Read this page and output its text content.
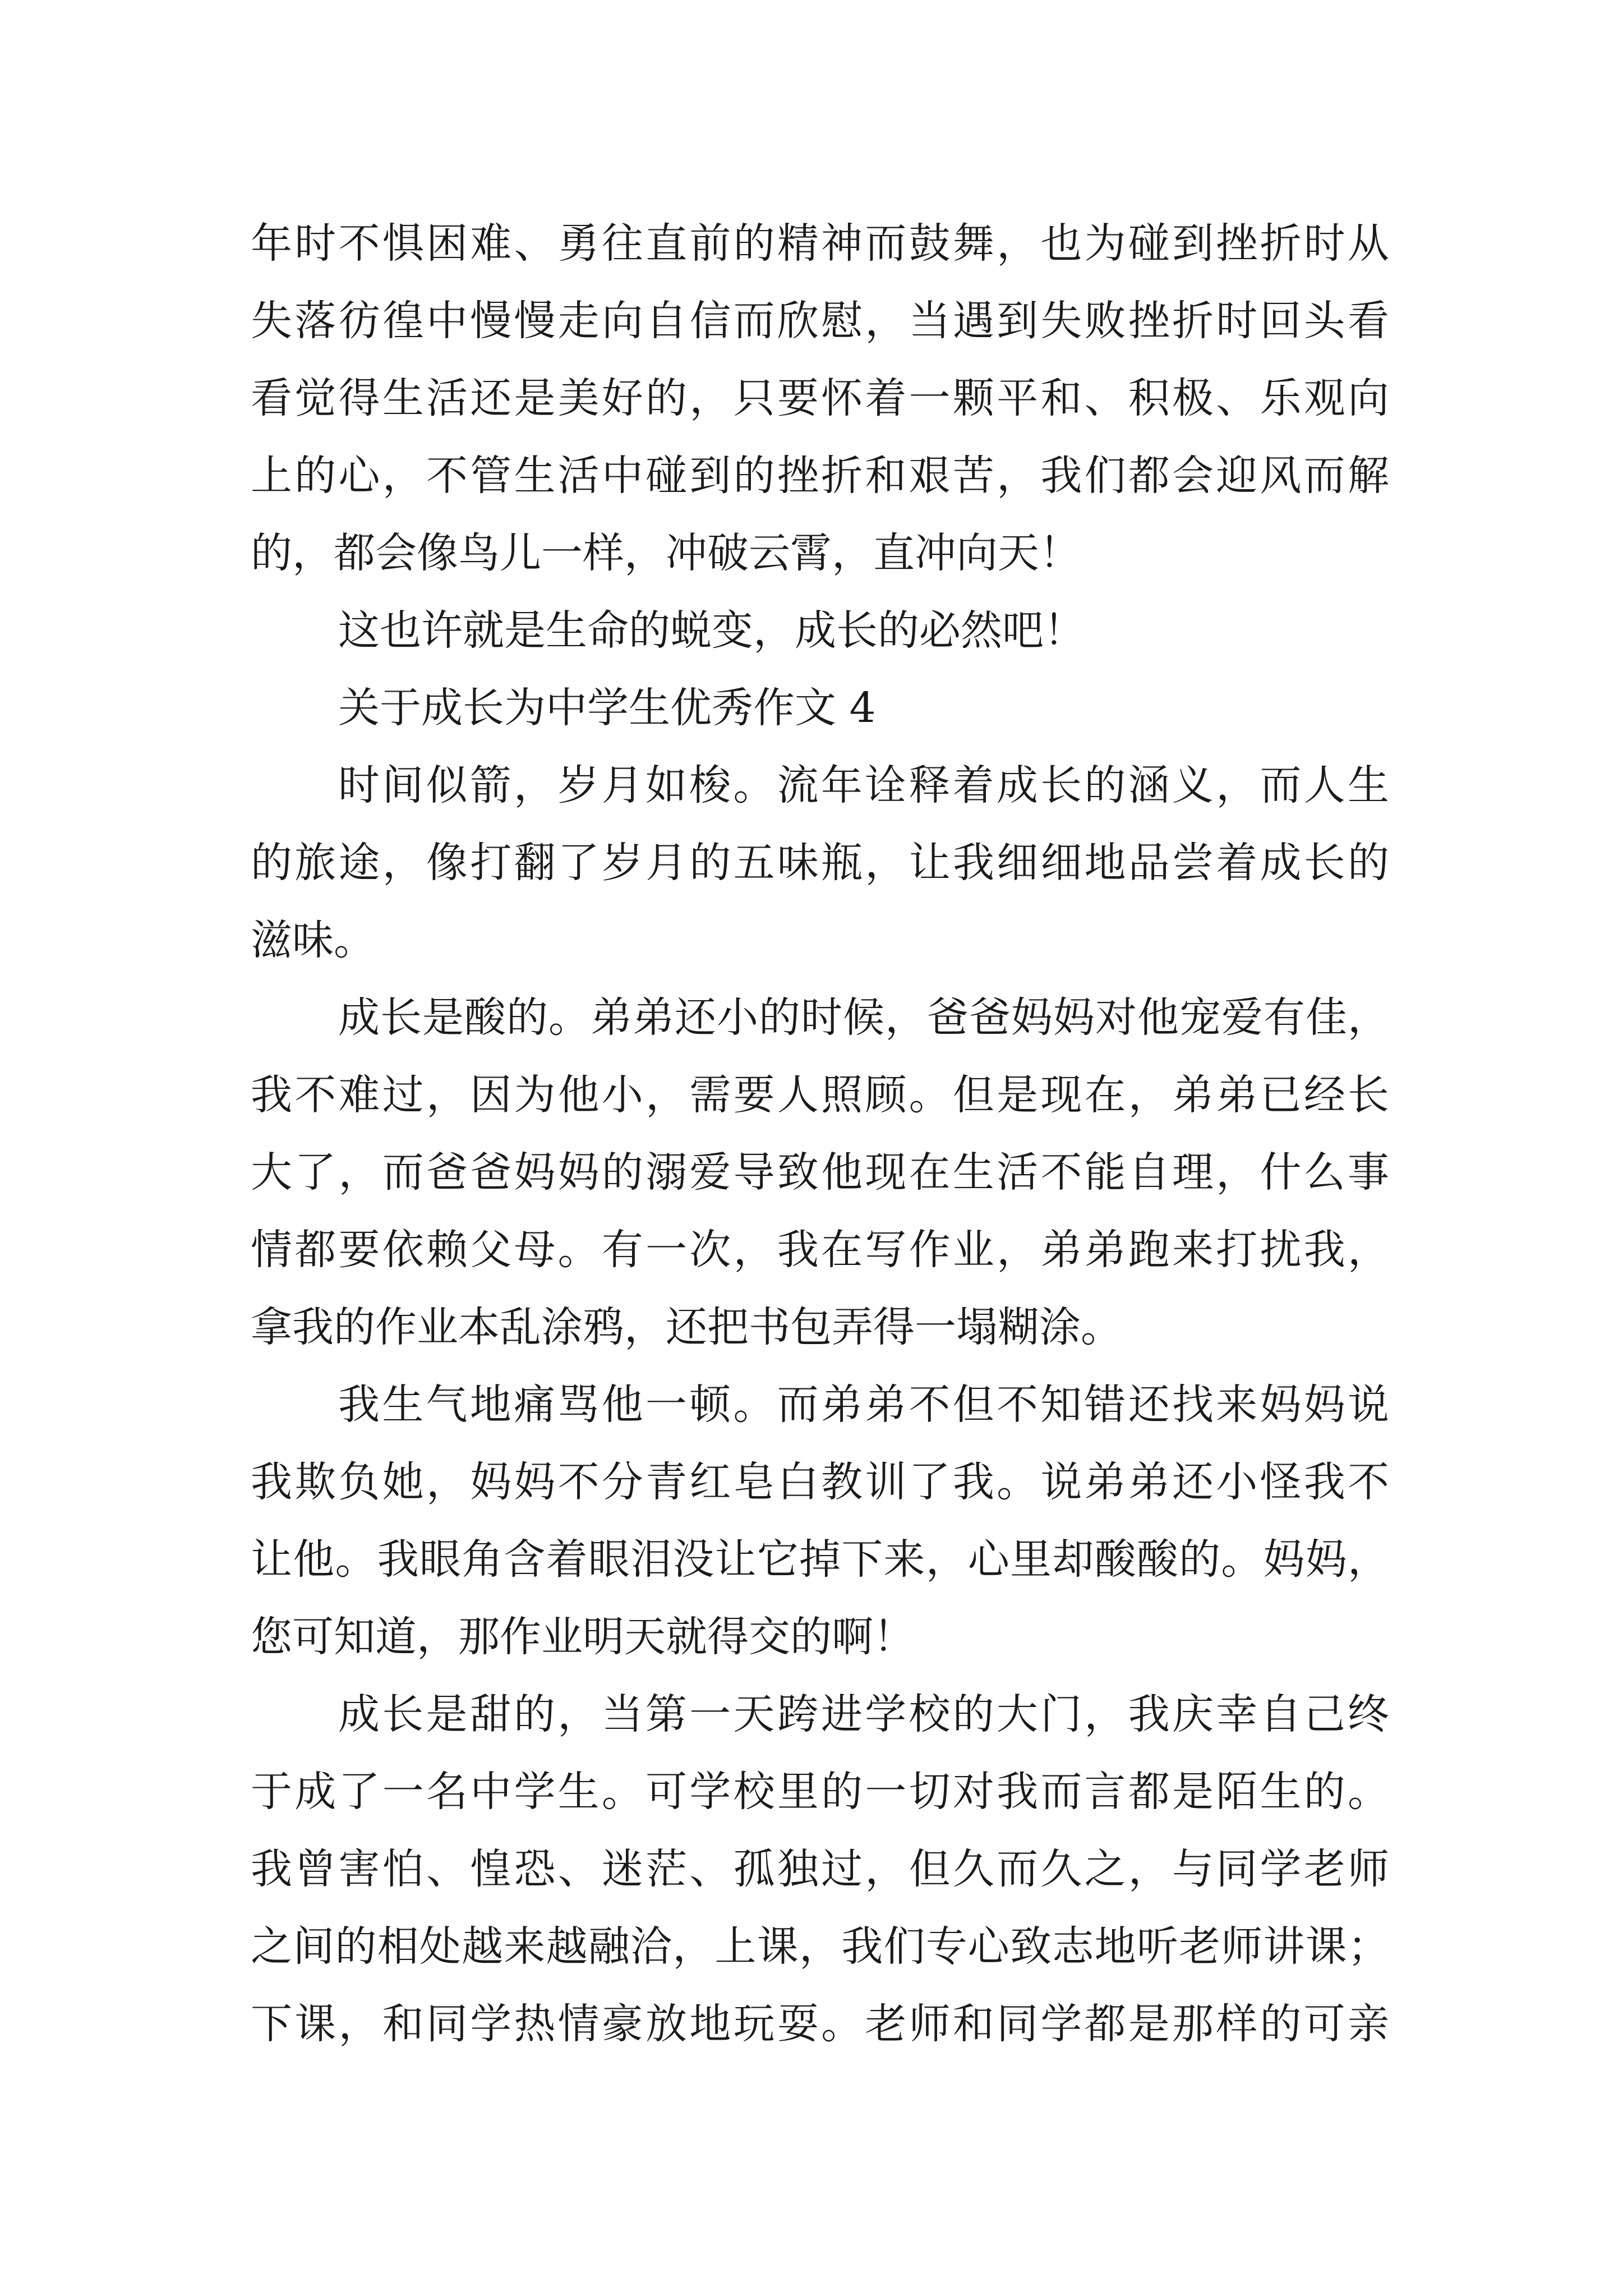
年时不惧困难、勇往直前的精神而鼓舞，也为碰到挫折时从
失落彷徨中慢慢走向自信而欣慰，当遇到失败挫折时回头看
看觉得生活还是美好的，只要怀着一颗平和、积极、乐观向
上的心，不管生活中碰到的挫折和艰苦，我们都会迎风而解
的，都会像鸟儿一样，冲破云霄，直冲向天！
这也许就是生命的蜕变，成长的必然吧！
关于成长为中学生优秀作文 4
时间似箭，岁月如梭。流年诠释着成长的涵义，而人生
的旅途，像打翻了岁月的五味瓶，让我细细地品尝着成长的
滋味。
成长是酸的。弟弟还小的时候，爸爸妈妈对他宠爱有佳，
我不难过，因为他小，需要人照顾。但是现在，弟弟已经长
大了，而爸爸妈妈的溺爱导致他现在生活不能自理，什么事
情都要依赖父母。有一次，我在写作业，弟弟跑来打扰我，
拿我的作业本乱涂鸦，还把书包弄得一塌糊涂。
我生气地痛骂他一顿。而弟弟不但不知错还找来妈妈说
我欺负她，妈妈不分青红皂白教训了我。说弟弟还小怪我不
让他。我眼角含着眼泪没让它掉下来，心里却酸酸的。妈妈，
您可知道，那作业明天就得交的啊！
成长是甜的，当第一天跨进学校的大门，我庆幸自己终
于成了一名中学生。可学校里的一切对我而言都是陌生的。
我曾害怕、惶恐、迷茫、孤独过，但久而久之，与同学老师
之间的相处越来越融洽，上课，我们专心致志地听老师讲课；
下课，和同学热情豪放地玩耍。老师和同学都是那样的可亲
